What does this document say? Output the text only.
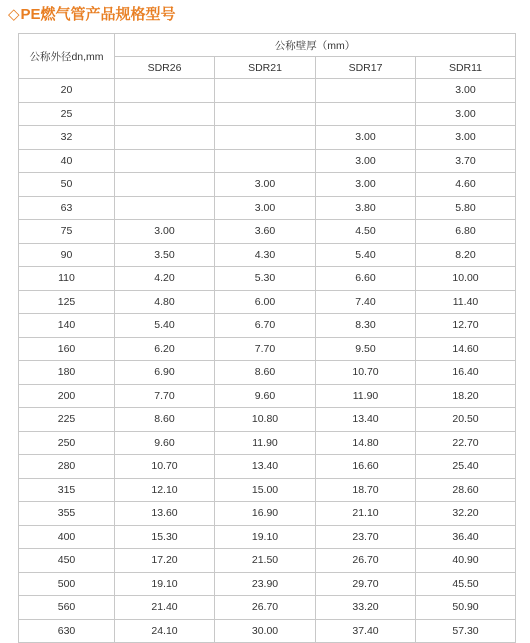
◇PE燃气管产品规格型号
公称外径dn,mm	公称壁厚（mm）			
	SDR26	SDR21	SDR17	SDR11
20				3.00
25				3.00
32			3.00	3.00
40			3.00	3.70
50		3.00	3.00	4.60
63		3.00	3.80	5.80
75	3.00	3.60	4.50	6.80
90	3.50	4.30	5.40	8.20
110	4.20	5.30	6.60	10.00
125	4.80	6.00	7.40	11.40
140	5.40	6.70	8.30	12.70
160	6.20	7.70	9.50	14.60
180	6.90	8.60	10.70	16.40
200	7.70	9.60	11.90	18.20
225	8.60	10.80	13.40	20.50
250	9.60	11.90	14.80	22.70
280	10.70	13.40	16.60	25.40
315	12.10	15.00	18.70	28.60
355	13.60	16.90	21.10	32.20
400	15.30	19.10	23.70	36.40
450	17.20	21.50	26.70	40.90
500	19.10	23.90	29.70	45.50
560	21.40	26.70	33.20	50.90
630	24.10	30.00	37.40	57.30
